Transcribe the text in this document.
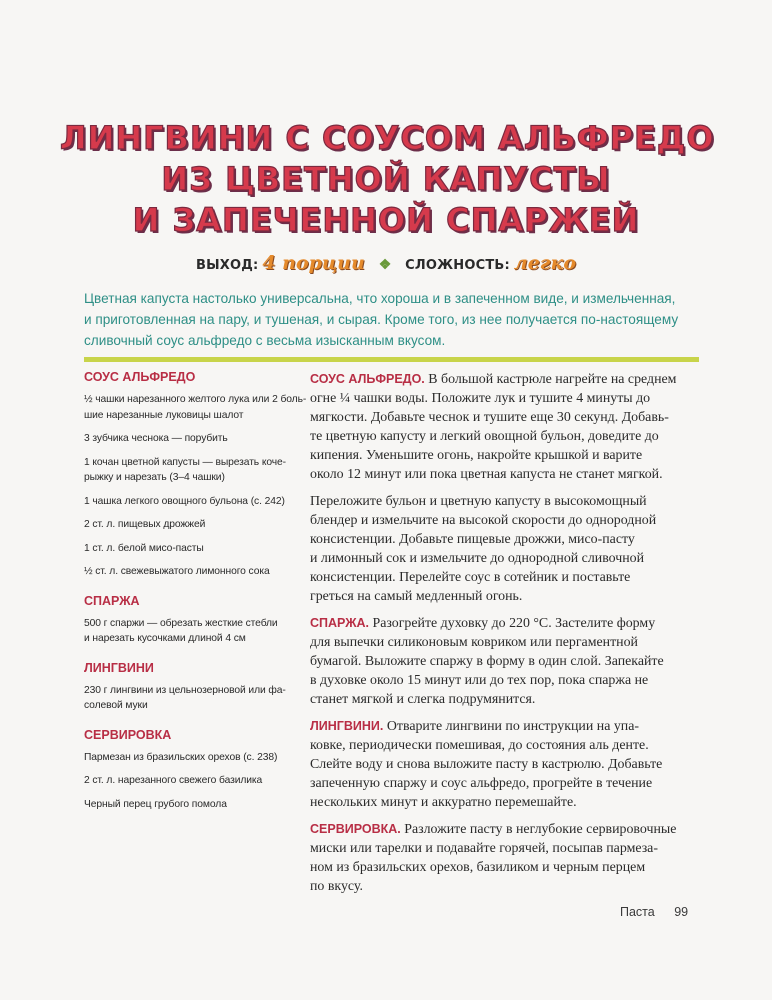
ЛИНГВИНИ С СОУСОМ АЛЬФРЕДО
ИЗ ЦВЕТНОЙ КАПУСТЫ
И ЗАПЕЧЕННОЙ СПАРЖЕЙ
ВЫХОД: 4 порции ❖ СЛОЖНОСТЬ: легко
Цветная капуста настолько универсальна, что хороша и в запеченном виде, и измельченная,
и приготовленная на пару, и тушеная, и сырая. Кроме того, из нее получается по-настоящему
сливочный соус альфредо с весьма изысканным вкусом.
СОУС АЛЬФРЕДО
½ чашки нарезанного желтого лука или 2 боль-
шие нарезанные луковицы шалот
3 зубчика чеснока — порубить
1 кочан цветной капусты — вырезать коче-
рыжку и нарезать (3–4 чашки)
1 чашка легкого овощного бульона (с. 242)
2 ст. л. пищевых дрожжей
1 ст. л. белой мисо-пасты
½ ст. л. свежевыжатого лимонного сока
СПАРЖА
500 г спаржи — обрезать жесткие стебли
и нарезать кусочками длиной 4 см
ЛИНГВИНИ
230 г лингвини из цельнозерновой или фа-
солевой муки
СЕРВИРОВКА
Пармезан из бразильских орехов (с. 238)
2 ст. л. нарезанного свежего базилика
Черный перец грубого помола
СОУС АЛЬФРЕДО. В большой кастрюле нагрейте на среднем
огне ¼ чашки воды. Положите лук и тушите 4 минуты до
мягкости. Добавьте чеснок и тушите еще 30 секунд. Добавь-
те цветную капусту и легкий овощной бульон, доведите до
кипения. Уменьшите огонь, накройте крышкой и варите
около 12 минут или пока цветная капуста не станет мягкой.
Переложите бульон и цветную капусту в высокомощный
блендер и измельчите на высокой скорости до однородной
консистенции. Добавьте пищевые дрожжи, мисо-пасту
и лимонный сок и измельчите до однородной сливочной
консистенции. Перелейте соус в сотейник и поставьте
греться на самый медленный огонь.
СПАРЖА. Разогрейте духовку до 220 °С. Застелите форму
для выпечки силиконовым ковриком или пергаментной
бумагой. Выложите спаржу в форму в один слой. Запекайте
в духовке около 15 минут или до тех пор, пока спаржа не
станет мягкой и слегка подрумянится.
ЛИНГВИНИ. Отварите лингвини по инструкции на упа-
ковке, периодически помешивая, до состояния аль денте.
Слейте воду и снова выложите пасту в кастрюлю. Добавьте
запеченную спаржу и соус альфредо, прогрейте в течение
нескольких минут и аккуратно перемешайте.
СЕРВИРОВКА. Разложите пасту в неглубокие сервировочные
миски или тарелки и подавайте горячей, посыпав пармеза-
ном из бразильских орехов, базиликом и черным перцем
по вкусу.
Паста 99
